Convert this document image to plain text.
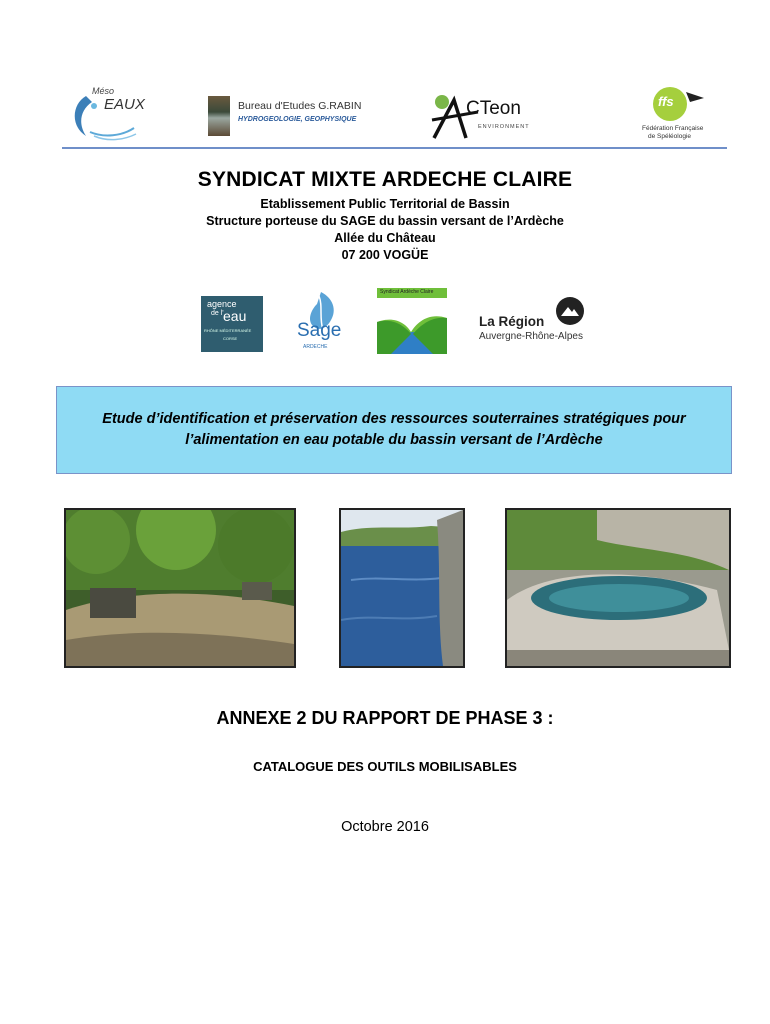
Méso
EAUX	Bureau d'Etudes G.RABIN
HYDROGEOLOGIE, GEOPHYSIQUE
CTeon
ENVIRONMENT
ffs
Fédération Française
de Spéléologie
SYNDICAT MIXTE ARDECHE CLAIRE
Etablissement Public Territorial de Bassin
Structure porteuse du SAGE du bassin versant de l’Ardèche
Allée du Château
07 200 VOGÜE
agence
de l' eau
RHÔNE MÉDITERRANÉE
CORSE	Sage
ARDECHE
Syndicat Ardèche Claire
La Région
Auvergne-Rhône-Alpes
Etude d’identification et préservation des ressources souterraines stratégiques pour
l’alimentation en eau potable du bassin versant de l’Ardèche
ANNEXE 2 DU RAPPORT DE PHASE 3 :
CATALOGUE DES OUTILS MOBILISABLES
Octobre 2016
